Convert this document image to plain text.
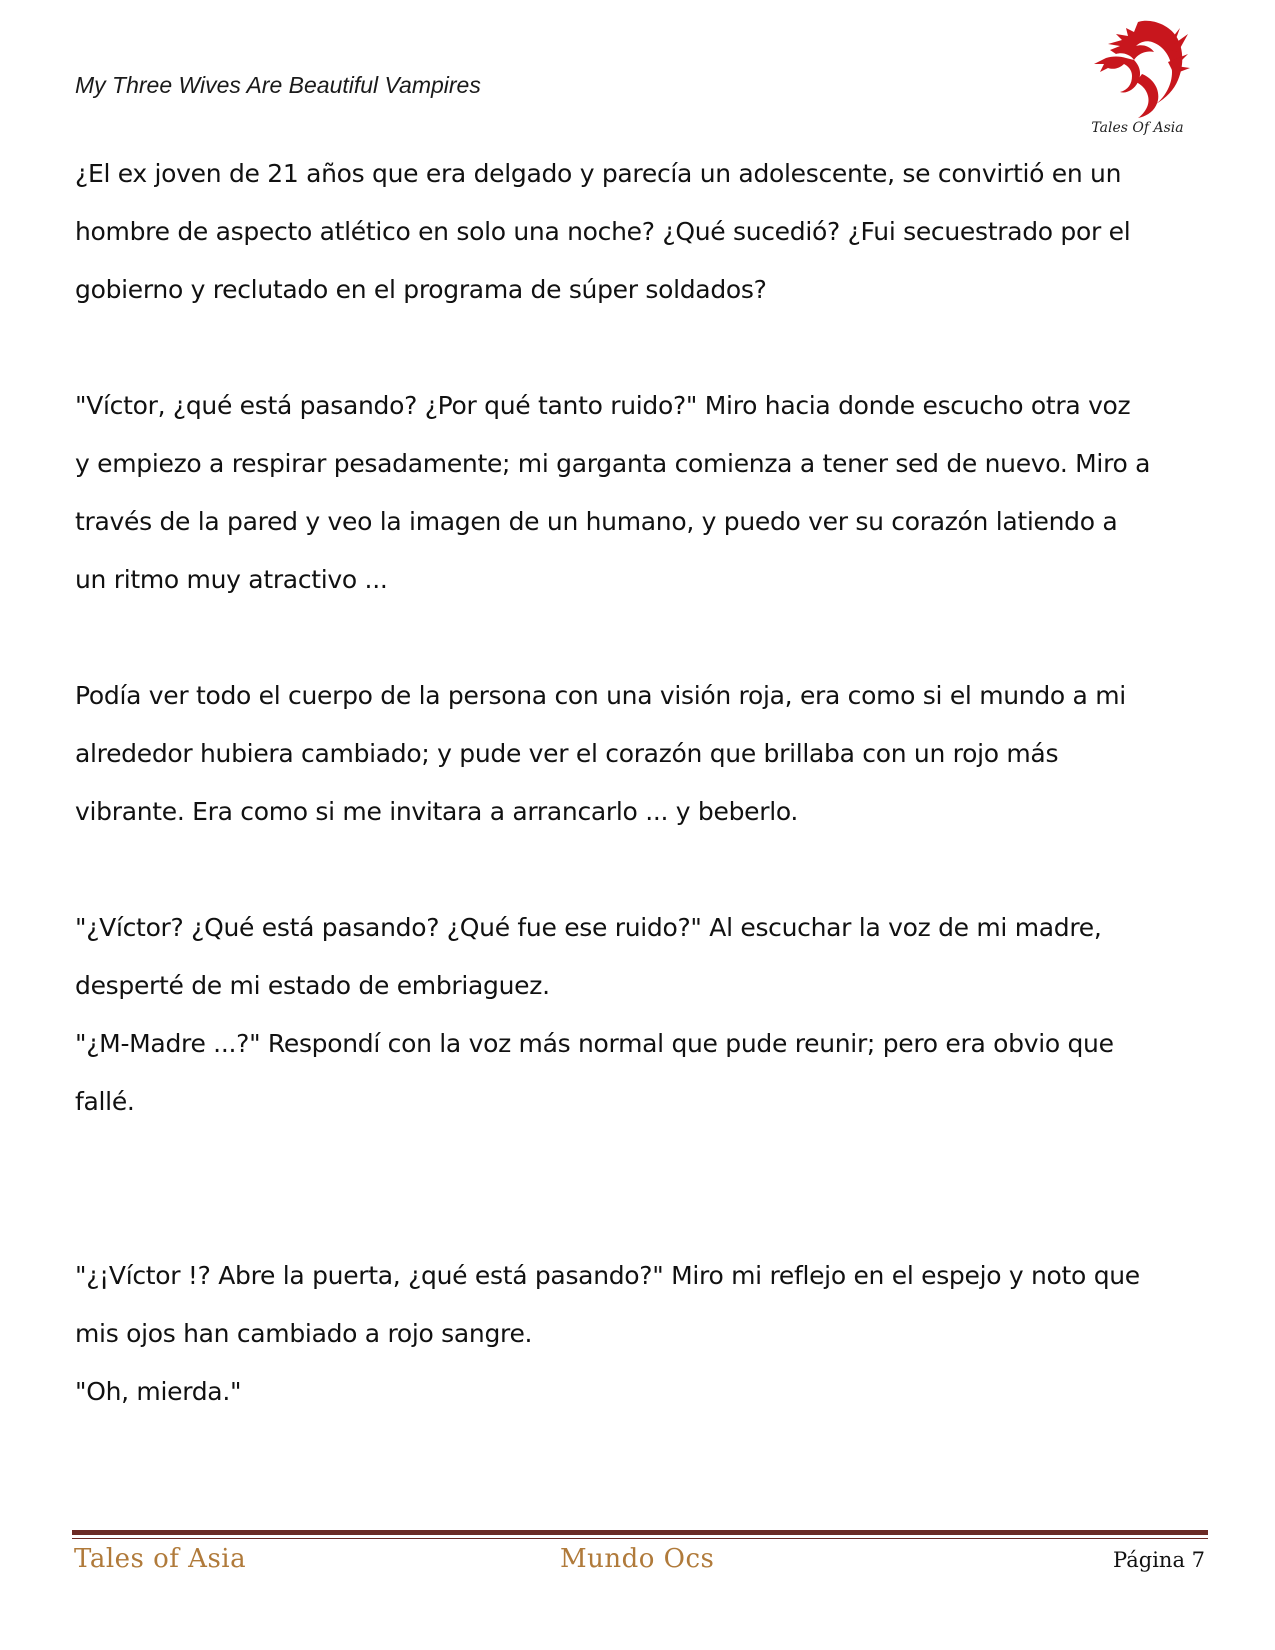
My Three Wives Are Beautiful Vampires
Tales Of Asia

¿El ex joven de 21 años que era delgado y parecía un adolescente, se convirtió en un
hombre de aspecto atlético en solo una noche? ¿Qué sucedió? ¿Fui secuestrado por el
gobierno y reclutado en el programa de súper soldados?

"Víctor, ¿qué está pasando? ¿Por qué tanto ruido?" Miro hacia donde escucho otra voz
y empiezo a respirar pesadamente; mi garganta comienza a tener sed de nuevo. Miro a
través de la pared y veo la imagen de un humano, y puedo ver su corazón latiendo a
un ritmo muy atractivo ...

Podía ver todo el cuerpo de la persona con una visión roja, era como si el mundo a mi
alrededor hubiera cambiado; y pude ver el corazón que brillaba con un rojo más
vibrante. Era como si me invitara a arrancarlo ... y beberlo.

"¿Víctor? ¿Qué está pasando? ¿Qué fue ese ruido?" Al escuchar la voz de mi madre,
desperté de mi estado de embriaguez.
"¿M-Madre ...?" Respondí con la voz más normal que pude reunir; pero era obvio que
fallé.

"¿¡Víctor !? Abre la puerta, ¿qué está pasando?" Miro mi reflejo en el espejo y noto que
mis ojos han cambiado a rojo sangre.
"Oh, mierda."

Tales of Asia	Mundo Ocs	Página 7
